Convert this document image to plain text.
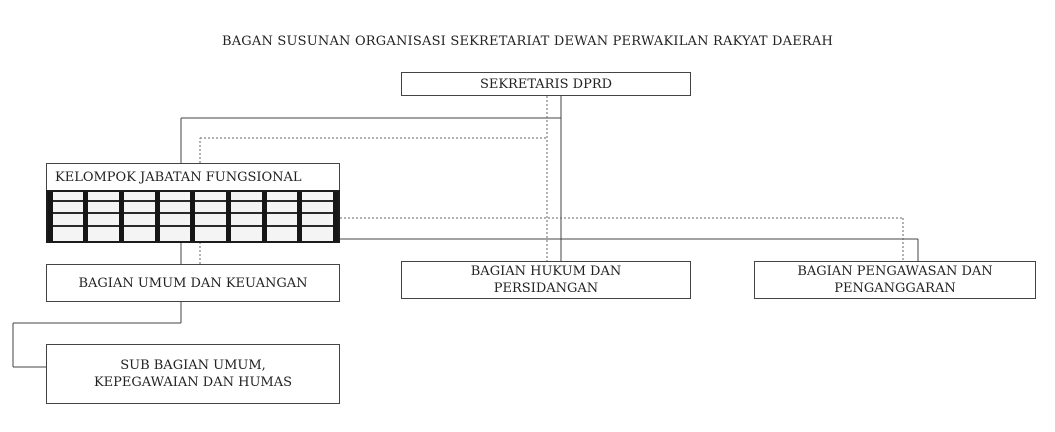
BAGAN SUSUNAN ORGANISASI SEKRETARIAT DEWAN PERWAKILAN RAKYAT DAERAH
SEKRETARIS DPRD
KELOMPOK JABATAN FUNGSIONAL
BAGIAN UMUM DAN KEUANGAN
BAGIAN HUKUM DAN
PERSIDANGAN
BAGIAN PENGAWASAN DAN
PENGANGGARAN
SUB BAGIAN UMUM,
KEPEGAWAIAN DAN HUMAS
